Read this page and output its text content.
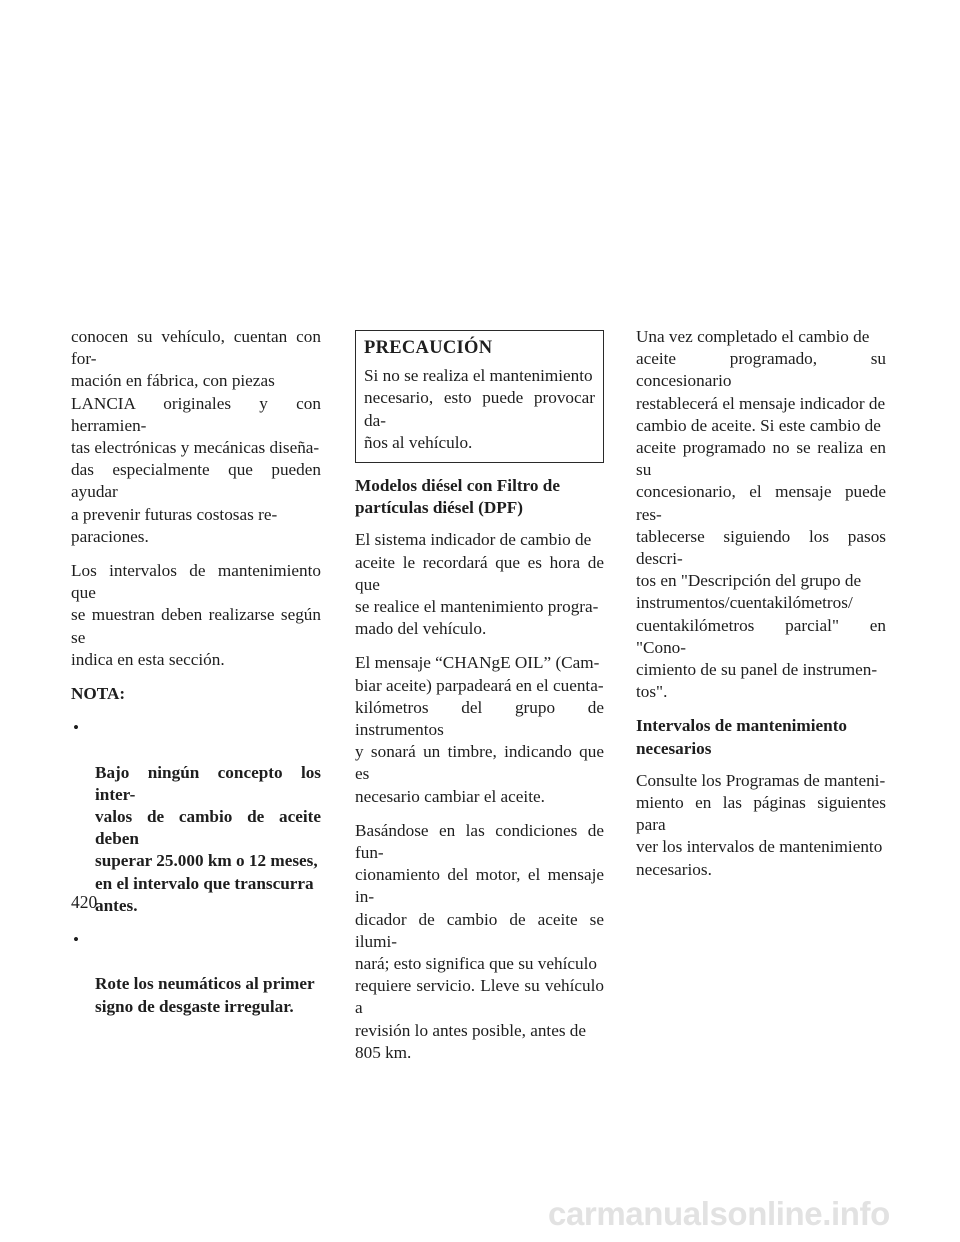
conocen su vehículo, cuentan con for-
mación en fábrica, con piezas
LANCIA originales y con herramien-
tas electrónicas y mecánicas diseña-
das especialmente que pueden ayudar
a prevenir futuras costosas re-
paraciones.

Los intervalos de mantenimiento que
se muestran deben realizarse según se
indica en esta sección.

NOTA:

•

Bajo ningún concepto los inter-
valos de cambio de aceite deben
superar 25.000 km o 12 meses,
en el intervalo que transcurra
antes.

•

Rote los neumáticos al primer
signo de desgaste irregular.

PRECAUCIÓN

Si no se realiza el mantenimiento
necesario, esto puede provocar da-
ños al vehículo.

Modelos diésel con Filtro de
partículas diésel (DPF)

El sistema indicador de cambio de
aceite le recordará que es hora de que
se realice el mantenimiento progra-
mado del vehículo.

El mensaje “CHANgE OIL” (Cam-
biar aceite) parpadeará en el cuenta-
kilómetros del grupo de instrumentos
y sonará un timbre, indicando que es
necesario cambiar el aceite.

Basándose en las condiciones de fun-
cionamiento del motor, el mensaje in-
dicador de cambio de aceite se ilumi-
nará; esto significa que su vehículo
requiere servicio. Lleve su vehículo a
revisión lo antes posible, antes de
805 km.

Una vez completado el cambio de
aceite programado, su concesionario
restablecerá el mensaje indicador de
cambio de aceite. Si este cambio de
aceite programado no se realiza en su
concesionario, el mensaje puede res-
tablecerse siguiendo los pasos descri-
tos en "Descripción del grupo de
instrumentos/cuentakilómetros/
cuentakilómetros parcial" en "Cono-
cimiento de su panel de instrumen-
tos".

Intervalos de mantenimiento
necesarios

Consulte los Programas de manteni-
miento en las páginas siguientes para
ver los intervalos de mantenimiento
necesarios.

420
carmanualsonline.info
